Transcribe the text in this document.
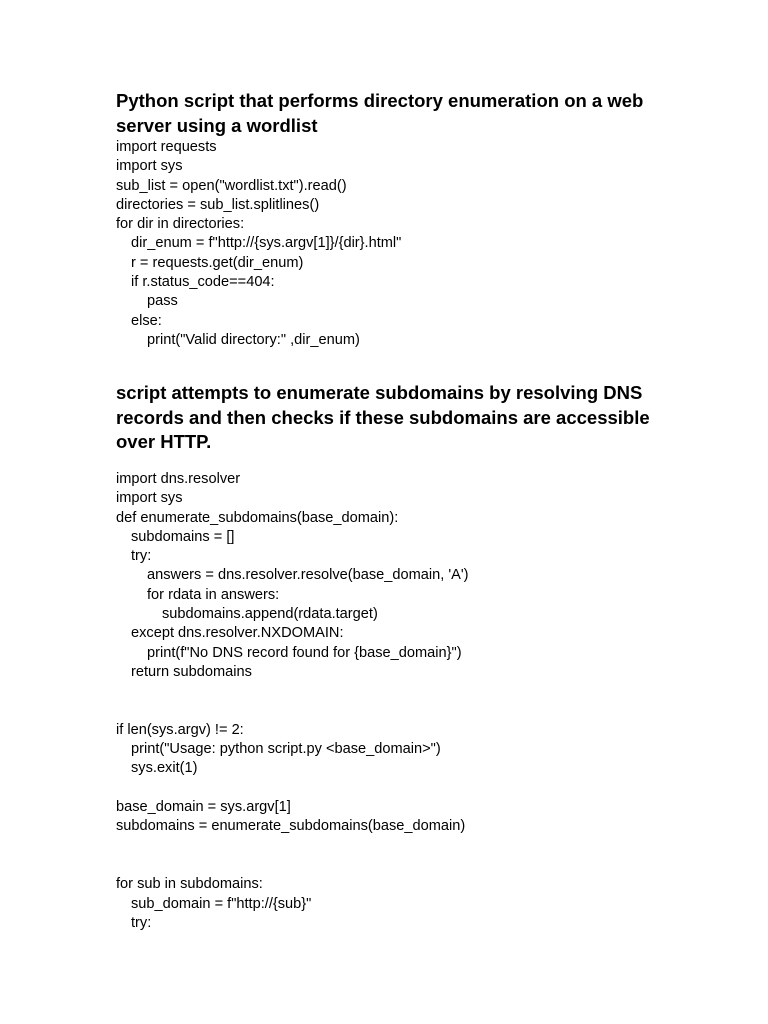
Python script that performs directory enumeration on a web server using a wordlist
import requests
import sys
sub_list = open("wordlist.txt").read()
directories = sub_list.splitlines()
for dir in directories:
dir_enum = f"http://{sys.argv[1]}/{dir}.html"
r = requests.get(dir_enum)
if r.status_code==404:
pass
else:
print("Valid directory:" ,dir_enum)
script attempts to enumerate subdomains by resolving DNS records and then checks if these subdomains are accessible over HTTP.
import dns.resolver
import sys
def enumerate_subdomains(base_domain):
subdomains = []
try:
answers = dns.resolver.resolve(base_domain, 'A')
for rdata in answers:
subdomains.append(rdata.target)
except dns.resolver.NXDOMAIN:
print(f"No DNS record found for {base_domain}")
return subdomains
if len(sys.argv) != 2:
print("Usage: python script.py <base_domain>")
sys.exit(1)
base_domain = sys.argv[1]
subdomains = enumerate_subdomains(base_domain)
for sub in subdomains:
sub_domain = f"http://{sub}"
try:
